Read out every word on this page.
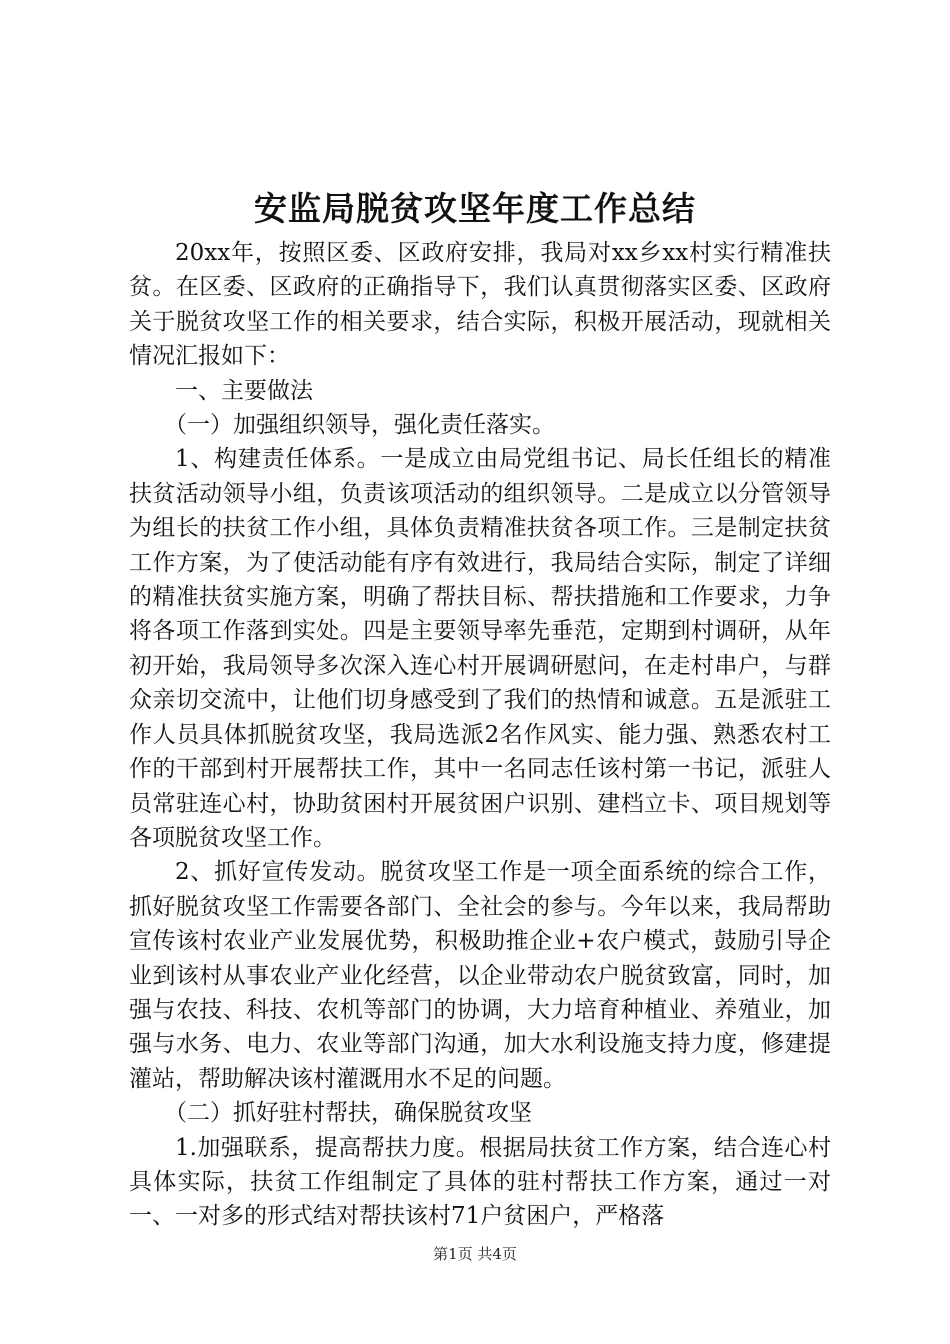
安监局脱贫攻坚年度工作总结

20xx年，按照区委、区政府安排，我局对xx乡xx村实行精准扶贫。在区委、区政府的正确指导下，我们认真贯彻落实区委、区政府关于脱贫攻坚工作的相关要求，结合实际，积极开展活动，现就相关情况汇报如下：

一、主要做法

（一）加强组织领导，强化责任落实。

1、构建责任体系。一是成立由局党组书记、局长任组长的精准扶贫活动领导小组，负责该项活动的组织领导。二是成立以分管领导为组长的扶贫工作小组，具体负责精准扶贫各项工作。三是制定扶贫工作方案，为了使活动能有序有效进行，我局结合实际，制定了详细的精准扶贫实施方案，明确了帮扶目标、帮扶措施和工作要求，力争将各项工作落到实处。四是主要领导率先垂范，定期到村调研，从年初开始，我局领导多次深入连心村开展调研慰问，在走村串户，与群众亲切交流中，让他们切身感受到了我们的热情和诚意。五是派驻工作人员具体抓脱贫攻坚，我局选派2名作风实、能力强、熟悉农村工作的干部到村开展帮扶工作，其中一名同志任该村第一书记，派驻人员常驻连心村，协助贫困村开展贫困户识别、建档立卡、项目规划等各项脱贫攻坚工作。

2、抓好宣传发动。脱贫攻坚工作是一项全面系统的综合工作，抓好脱贫攻坚工作需要各部门、全社会的参与。今年以来，我局帮助宣传该村农业产业发展优势，积极助推企业+农户模式，鼓励引导企业到该村从事农业产业化经营，以企业带动农户脱贫致富，同时，加强与农技、科技、农机等部门的协调，大力培育种植业、养殖业，加强与水务、电力、农业等部门沟通，加大水利设施支持力度，修建提灌站，帮助解决该村灌溉用水不足的问题。

（二）抓好驻村帮扶，确保脱贫攻坚

1.加强联系，提高帮扶力度。根据局扶贫工作方案，结合连心村具体实际，扶贫工作组制定了具体的驻村帮扶工作方案，通过一对一、一对多的形式结对帮扶该村71户贫困户，严格落

第1页 共4页
